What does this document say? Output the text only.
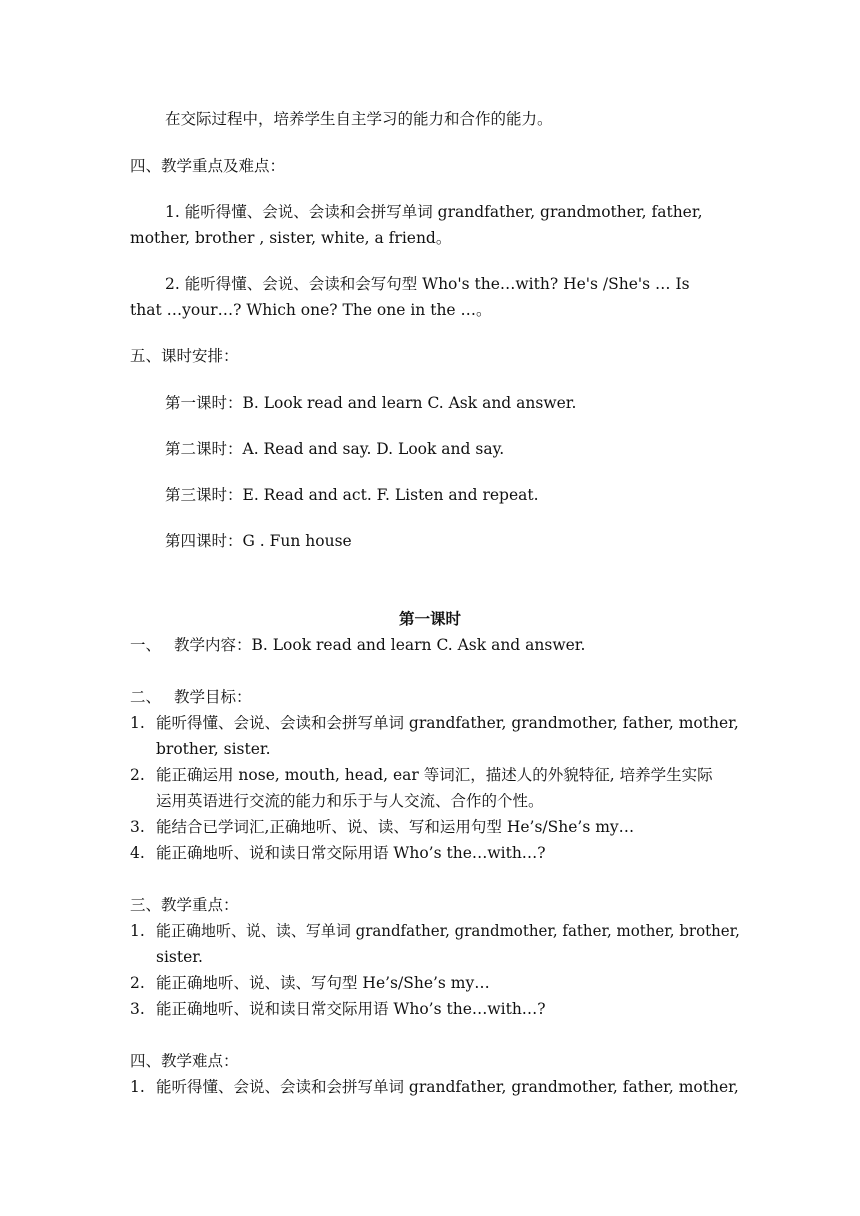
在交际过程中，培养学生自主学习的能力和合作的能力。
四、教学重点及难点：
1. 能听得懂、会说、会读和会拼写单词 grandfather, grandmother, father,
mother, brother , sister, white, a friend。
2. 能听得懂、会说、会读和会写句型 Who's the…with? He's /She's … Is
that …your…? Which one? The one in the …。
五、课时安排：
第一课时：B. Look read and learn C. Ask and answer.
第二课时：A. Read and say. D. Look and say.
第三课时：E. Read and act. F. Listen and repeat.
第四课时：G . Fun house
第一课时
一、 教学内容：B. Look read and learn C. Ask and answer.
二、 教学目标：
1. 能听得懂、会说、会读和会拼写单词 grandfather, grandmother, father, mother,
brother, sister.
2. 能正确运用 nose, mouth, head, ear 等词汇，描述人的外貌特征, 培养学生实际
运用英语进行交流的能力和乐于与人交流、合作的个性。
3. 能结合已学词汇,正确地听、说、读、写和运用句型 He’s/She’s my…
4. 能正确地听、说和读日常交际用语 Who’s the…with…?
三、教学重点：
1. 能正确地听、说、读、写单词 grandfather, grandmother, father, mother, brother,
sister.
2. 能正确地听、说、读、写句型 He’s/She’s my…
3. 能正确地听、说和读日常交际用语 Who’s the…with…?
四、教学难点：
1. 能听得懂、会说、会读和会拼写单词 grandfather, grandmother, father, mother,
